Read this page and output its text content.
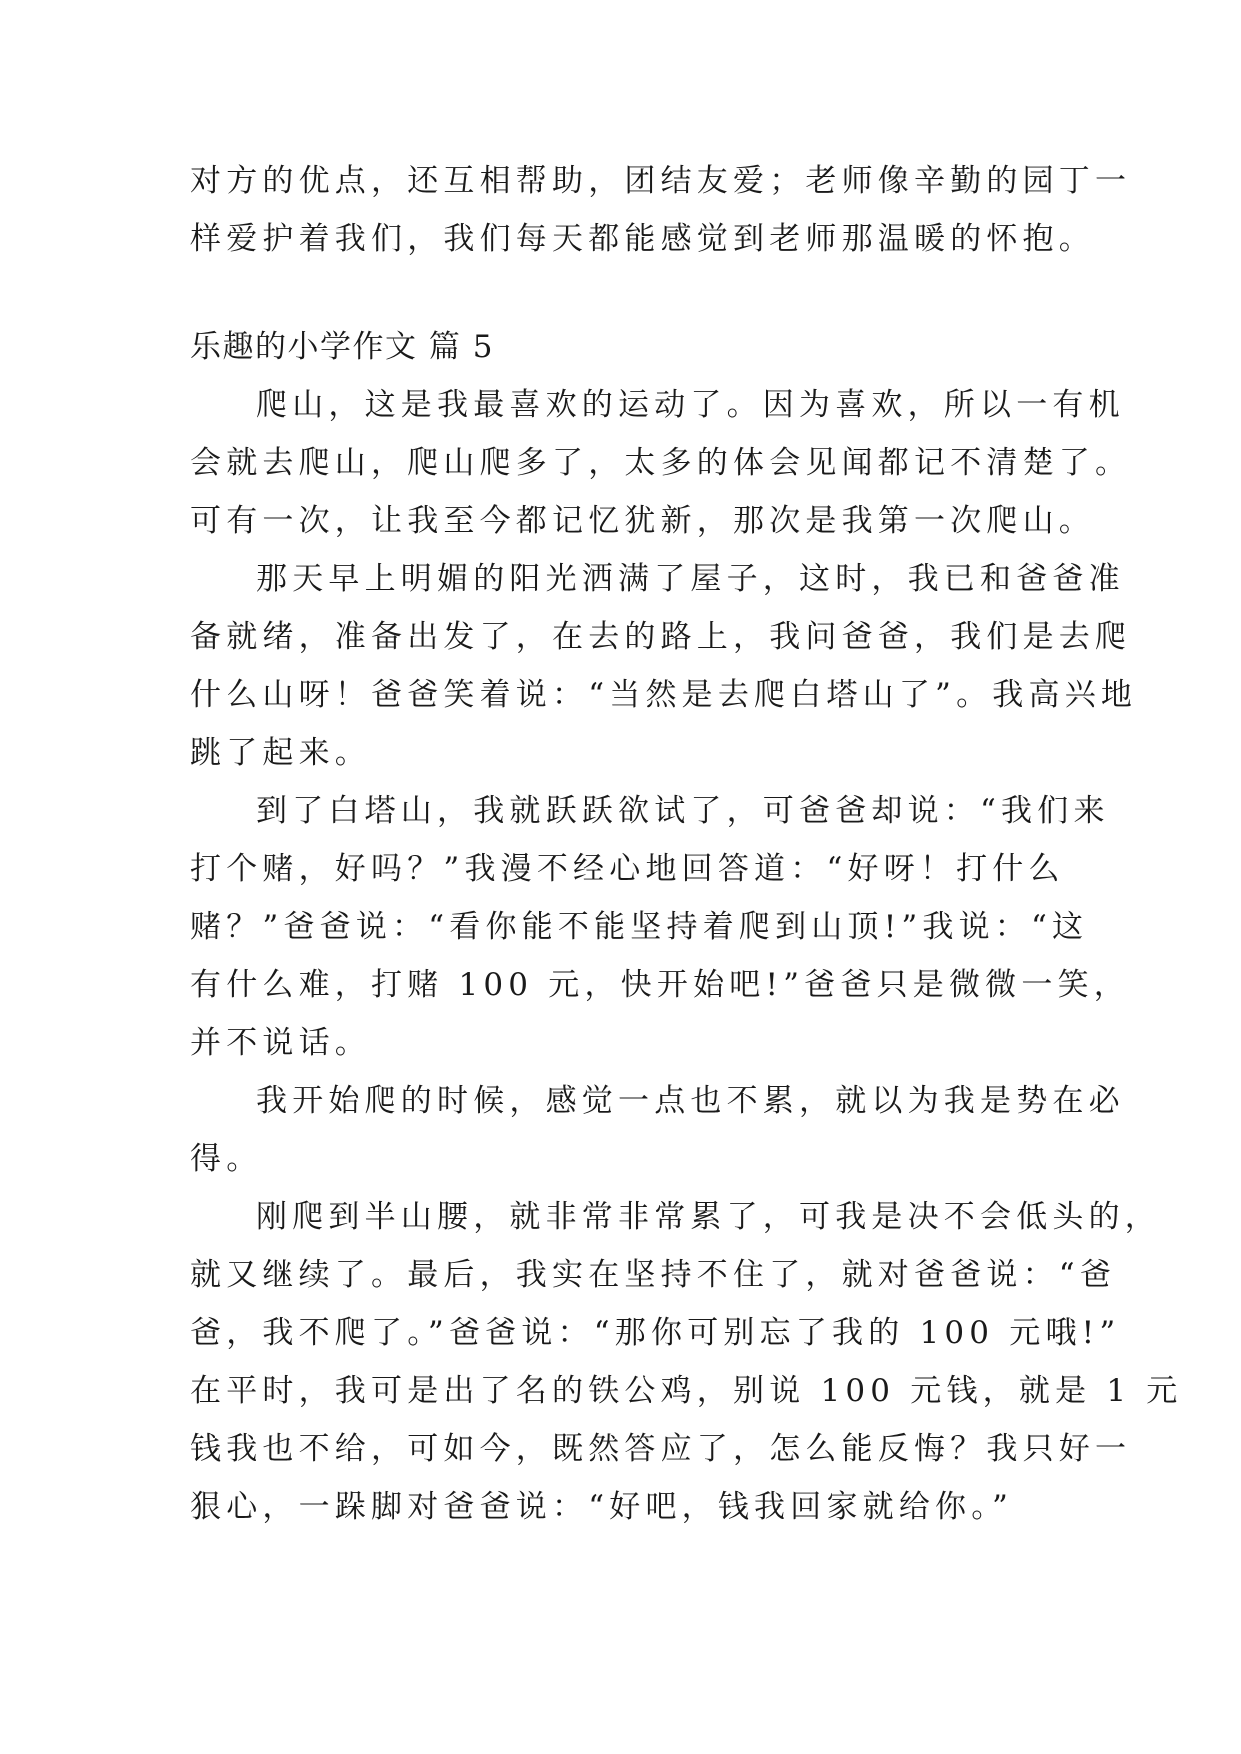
对方的优点，还互相帮助，团结友爱；老师像辛勤的园丁一
样爱护着我们，我们每天都能感觉到老师那温暖的怀抱。
乐趣的小学作文 篇 5
爬山，这是我最喜欢的运动了。因为喜欢，所以一有机
会就去爬山，爬山爬多了，太多的体会见闻都记不清楚了。
可有一次，让我至今都记忆犹新，那次是我第一次爬山。
那天早上明媚的阳光洒满了屋子，这时，我已和爸爸准
备就绪，准备出发了，在去的路上，我问爸爸，我们是去爬
什么山呀！爸爸笑着说：“当然是去爬白塔山了”。我高兴地
跳了起来。
到了白塔山，我就跃跃欲试了，可爸爸却说：“我们来
打个赌，好吗？”我漫不经心地回答道：“好呀！打什么
赌？”爸爸说：“看你能不能坚持着爬到山顶!”我说：“这
有什么难，打赌 100 元，快开始吧!”爸爸只是微微一笑，
并不说话。
我开始爬的时候，感觉一点也不累，就以为我是势在必
得。
刚爬到半山腰，就非常非常累了，可我是决不会低头的，
就又继续了。最后，我实在坚持不住了，就对爸爸说：“爸
爸，我不爬了。”爸爸说：“那你可别忘了我的 100 元哦!”
在平时，我可是出了名的铁公鸡，别说 100 元钱，就是 1 元
钱我也不给，可如今，既然答应了，怎么能反悔？我只好一
狠心，一跺脚对爸爸说：“好吧，钱我回家就给你。”
